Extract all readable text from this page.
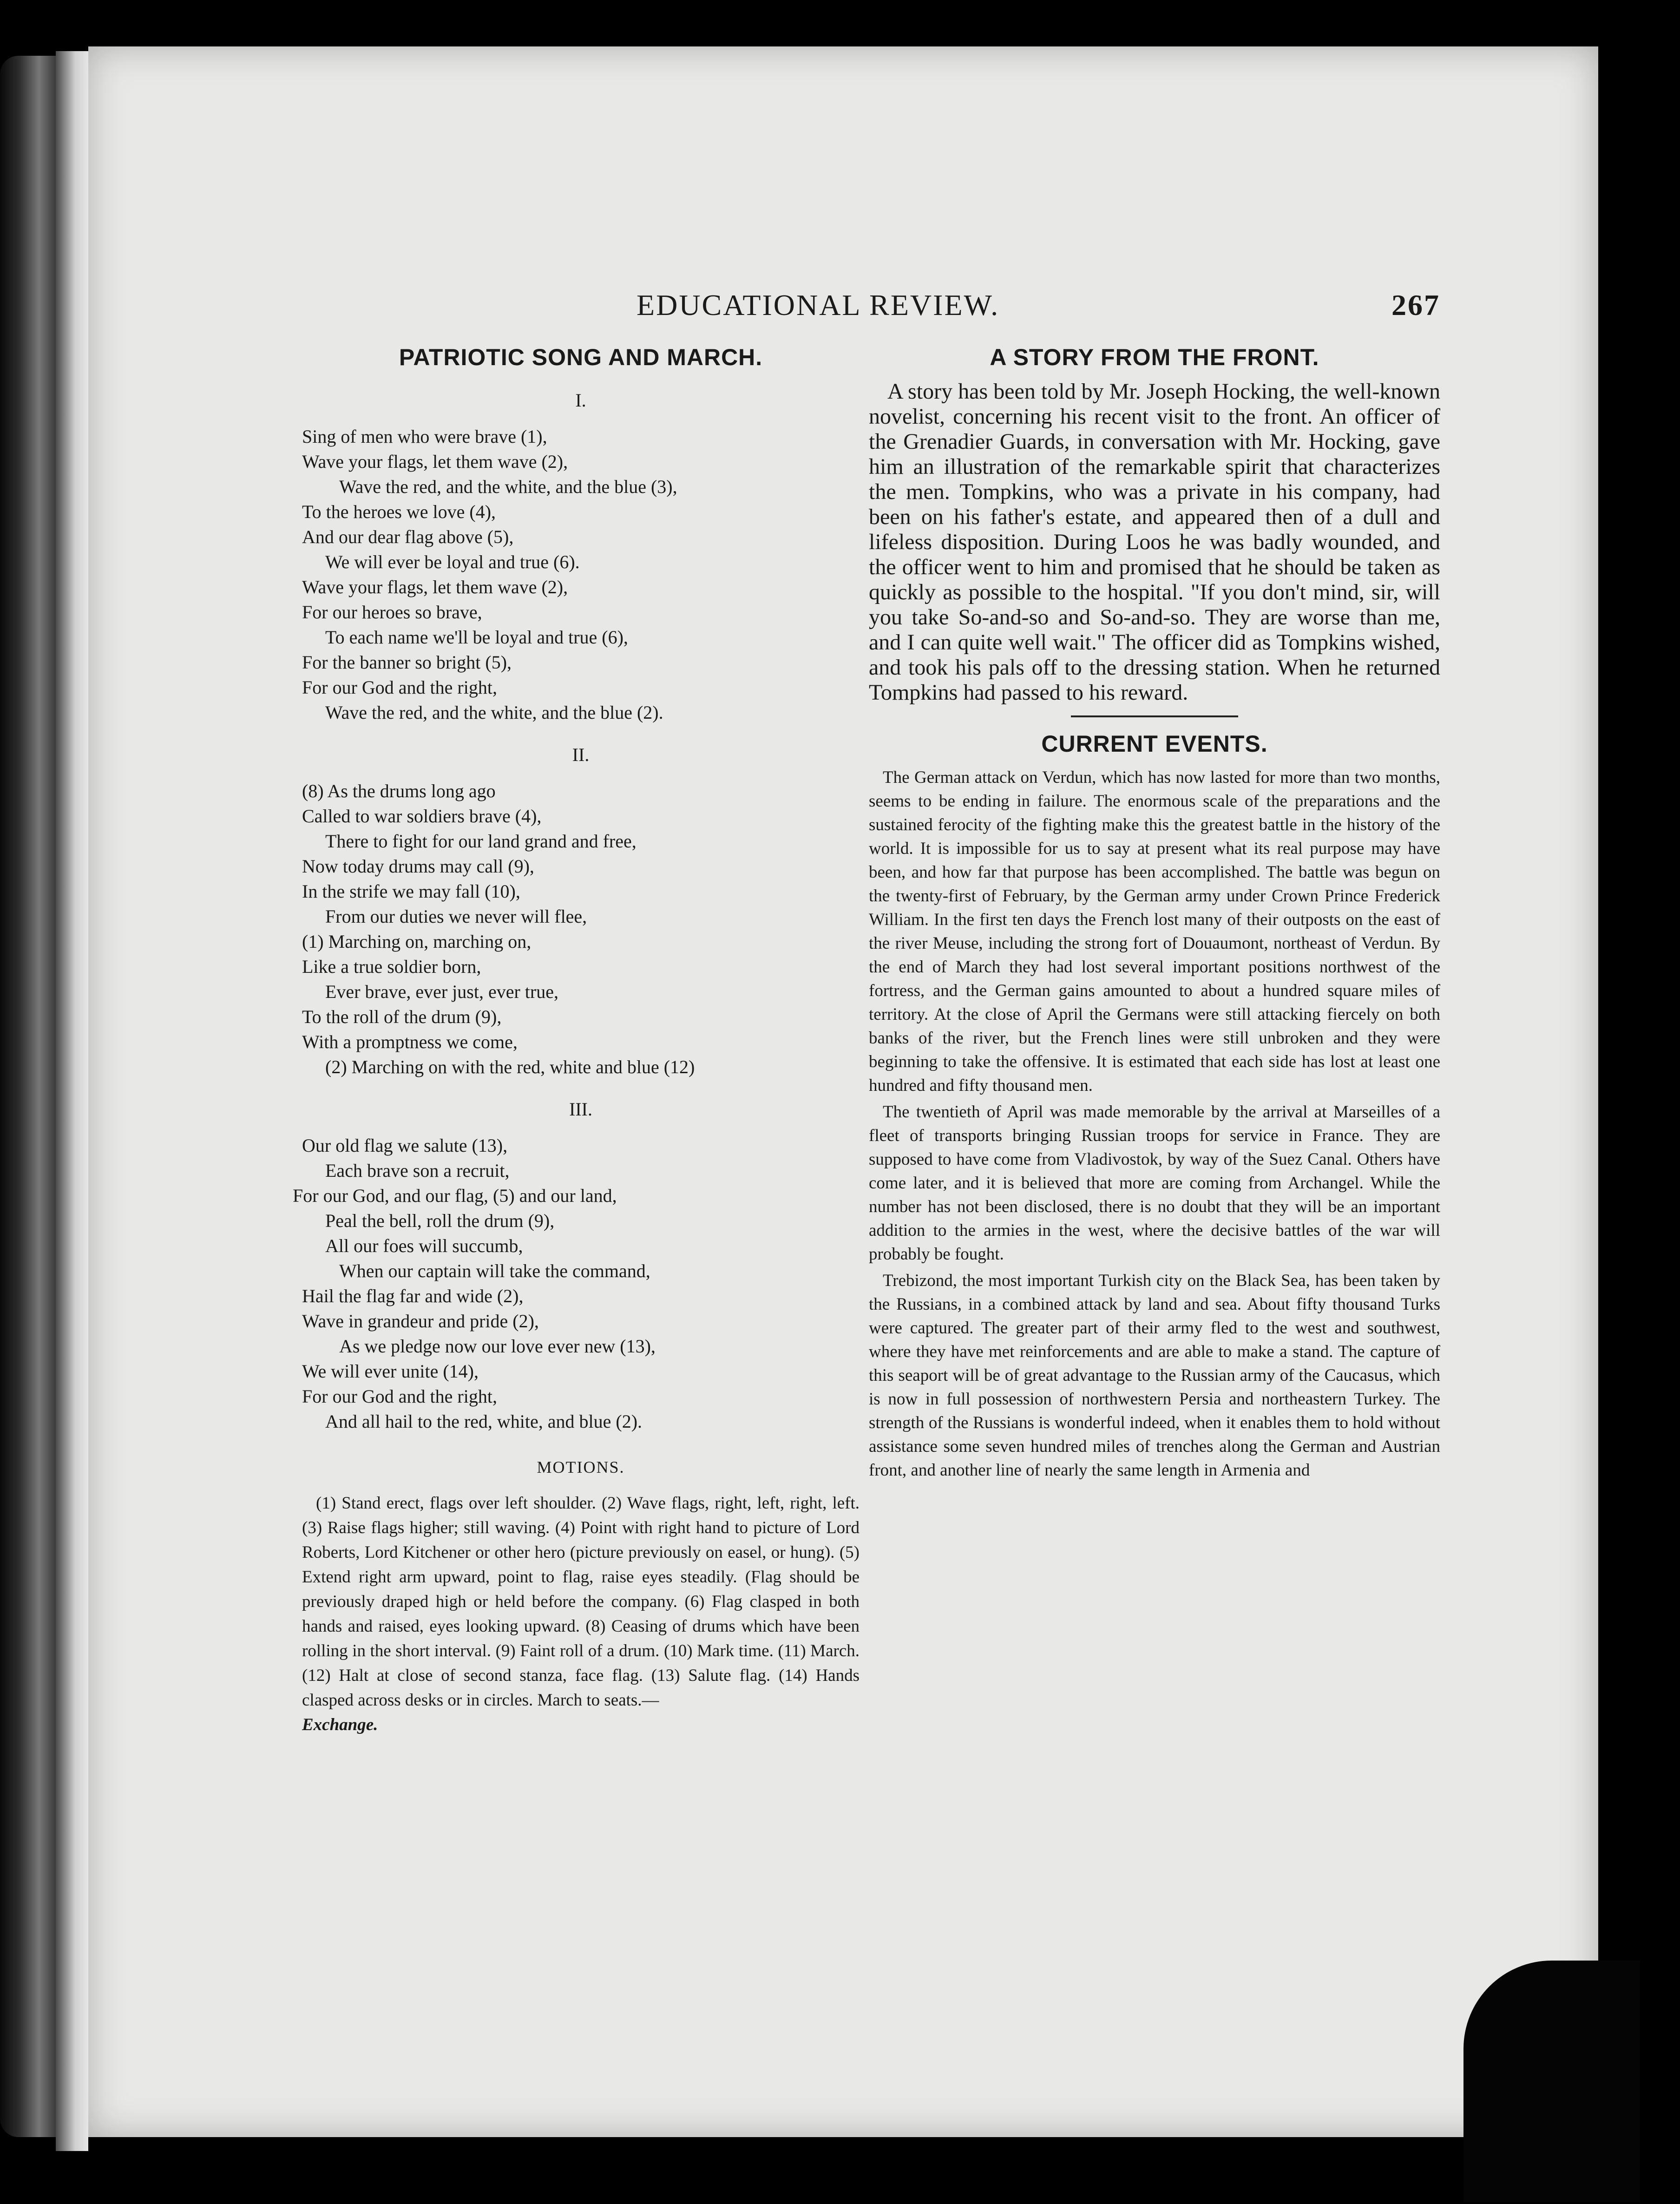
EDUCATIONAL REVIEW.	267
PATRIOTIC SONG AND MARCH.
I.
Sing of men who were brave (1),
Wave your flags, let them wave (2),
Wave the red, and the white, and the blue (3),
To the heroes we love (4),
And our dear flag above (5),
We will ever be loyal and true (6).
Wave your flags, let them wave (2),
For our heroes so brave,
To each name we'll be loyal and true (6),
For the banner so bright (5),
For our God and the right,
Wave the red, and the white, and the blue (2).
II.
(8) As the drums long ago
Called to war soldiers brave (4),
There to fight for our land grand and free,
Now today drums may call (9),
In the strife we may fall (10),
From our duties we never will flee,
(1) Marching on, marching on,
Like a true soldier born,
Ever brave, ever just, ever true,
To the roll of the drum (9),
With a promptness we come,
(2) Marching on with the red, white and blue (12)
III.
Our old flag we salute (13),
Each brave son a recruit,
For our God, and our flag, (5) and our land,
Peal the bell, roll the drum (9),
All our foes will succumb,
When our captain will take the command,
Hail the flag far and wide (2),
Wave in grandeur and pride (2),
As we pledge now our love ever new (13),
We will ever unite (14),
For our God and the right,
And all hail to the red, white, and blue (2).
MOTIONS.

(1) Stand erect, flags over left shoulder. (2) Wave flags, right, left, right, left. (3) Raise flags higher; still waving. (4) Point with right hand to picture of Lord Roberts, Lord Kitchener or other hero (picture previously on easel, or hung). (5) Extend right arm upward, point to flag, raise eyes steadily. (Flag should be previously draped high or held before the company. (6) Flag clasped in both hands and raised, eyes looking upward. (8) Ceasing of drums which have been rolling in the short interval. (9) Faint roll of a drum. (10) Mark time. (11) March. (12) Halt at close of second stanza, face flag. (13) Salute flag. (14) Hands clasped across desks or in circles. March to seats.—

Exchange.
A STORY FROM THE FRONT.

A story has been told by Mr. Joseph Hocking, the well-known novelist, concerning his recent visit to the front. An officer of the Grenadier Guards, in conversation with Mr. Hocking, gave him an illustration of the remarkable spirit that characterizes the men. Tompkins, who was a private in his company, had been on his father's estate, and appeared then of a dull and lifeless disposition. During Loos he was badly wounded, and the officer went to him and promised that he should be taken as quickly as possible to the hospital. "If you don't mind, sir, will you take So-and-so and So-and-so. They are worse than me, and I can quite well wait." The officer did as Tompkins wished, and took his pals off to the dressing station. When he returned Tompkins had passed to his reward.

CURRENT EVENTS.

The German attack on Verdun, which has now lasted for more than two months, seems to be ending in failure. The enormous scale of the preparations and the sustained ferocity of the fighting make this the greatest battle in the history of the world. It is impossible for us to say at present what its real purpose may have been, and how far that purpose has been accomplished. The battle was begun on the twenty-first of February, by the German army under Crown Prince Frederick William. In the first ten days the French lost many of their outposts on the east of the river Meuse, including the strong fort of Douaumont, northeast of Verdun. By the end of March they had lost several important positions northwest of the fortress, and the German gains amounted to about a hundred square miles of territory. At the close of April the Germans were still attacking fiercely on both banks of the river, but the French lines were still unbroken and they were beginning to take the offensive. It is estimated that each side has lost at least one hundred and fifty thousand men.

The twentieth of April was made memorable by the arrival at Marseilles of a fleet of transports bringing Russian troops for service in France. They are supposed to have come from Vladivostok, by way of the Suez Canal. Others have come later, and it is believed that more are coming from Archangel. While the number has not been disclosed, there is no doubt that they will be an important addition to the armies in the west, where the decisive battles of the war will probably be fought.

Trebizond, the most important Turkish city on the Black Sea, has been taken by the Russians, in a combined attack by land and sea. About fifty thousand Turks were captured. The greater part of their army fled to the west and southwest, where they have met reinforcements and are able to make a stand. The capture of this seaport will be of great advantage to the Russian army of the Caucasus, which is now in full possession of northwestern Persia and northeastern Turkey. The strength of the Russians is wonderful indeed, when it enables them to hold without assistance some seven hundred miles of trenches along the German and Austrian front, and another line of nearly the same length in Armenia and
